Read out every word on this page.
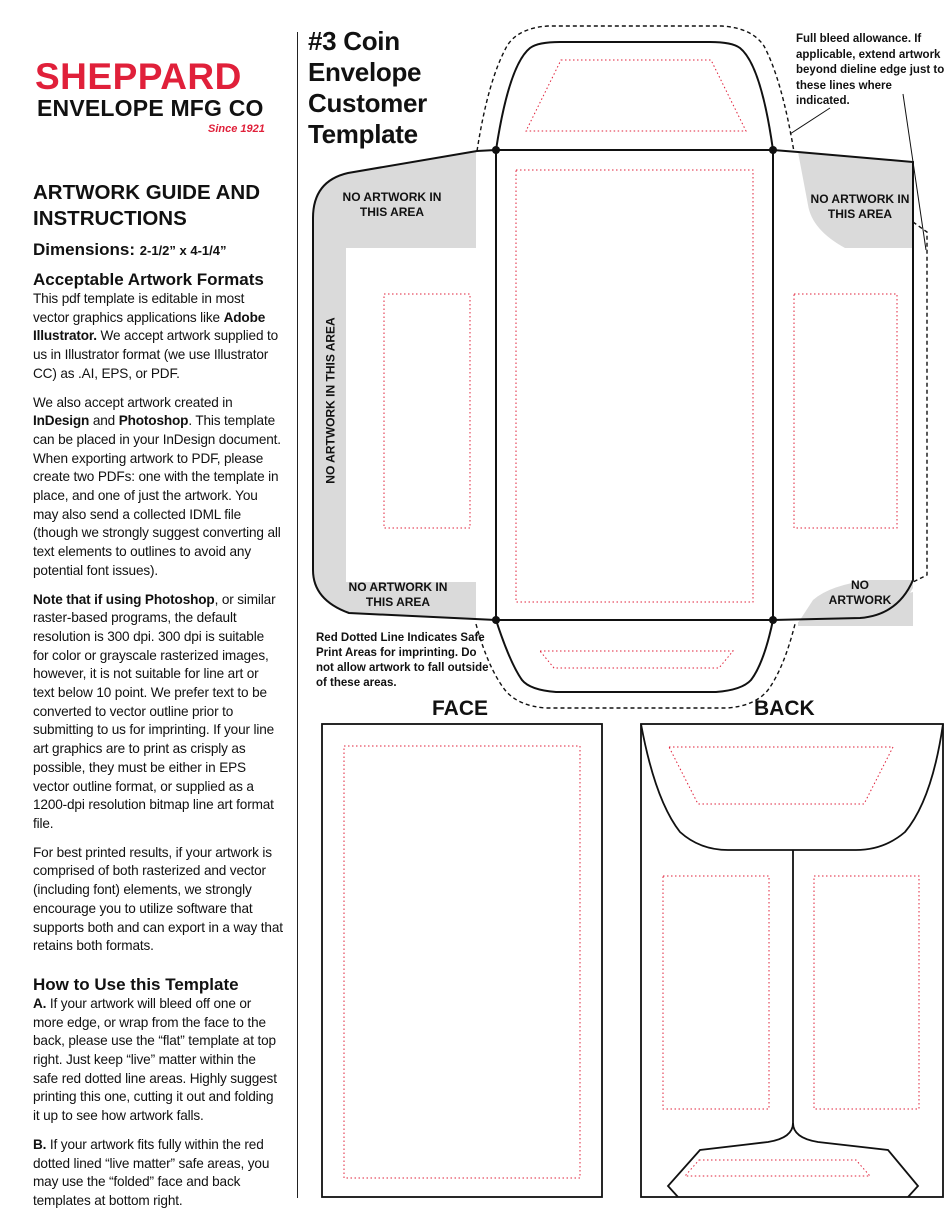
SHEPPARD
ENVELOPE MFG CO
Since 1921
ARTWORK GUIDE AND INSTRUCTIONS
Dimensions: 2-1/2” x 4-1/4”
Acceptable Artwork Formats

This pdf template is editable in most vector graphics applications like Adobe Illustrator. We accept artwork supplied to us in Illustrator format (we use Illustrator CC) as .AI, EPS, or PDF.

We also accept artwork created in InDesign and Photoshop. This template can be placed in your InDesign document. When exporting artwork to PDF, please create two PDFs: one with the template in place, and one of just the artwork. You may also send a collected IDML file (though we strongly suggest converting all text elements to outlines to avoid any potential font issues).

Note that if using Photoshop, or similar raster-based programs, the default resolution is 300 dpi. 300 dpi is suitable for color or grayscale rasterized images, however, it is not suitable for line art or text below 10 point. We prefer text to be converted to vector outline prior to submitting to us for imprinting. If your line art graphics are to print as crisply as possible, they must be either in EPS vector outline format, or supplied as a 1200-dpi resolution bitmap line art format file.

For best printed results, if your artwork is comprised of both rasterized and vector (including font) elements, we strongly encourage you to utilize software that supports both and can export in a way that retains both formats.

How to Use this Template

A. If your artwork will bleed off one or more edge, or wrap from the face to the back, please use the “flat” template at top right. Just keep “live” matter within the safe red dotted line areas. Highly suggest printing this one, cutting it out and folding it up to see how artwork falls.

B. If your artwork fits fully within the red dotted lined “live matter” safe areas, you may use the “folded” face and back templates at bottom right.

#3 Coin
Envelope
Customer
Template
Full bleed allowance. If applicable, extend artwork beyond dieline edge just to these lines where indicated.
Red Dotted Line Indicates Safe Print Areas for imprinting. Do not allow artwork to fall outside of these areas.
NO ARTWORK IN THIS AREA
NO ARTWORK IN THIS AREA
NO ARTWORK IN THIS AREA
NO ARTWORK
NO ARTWORK IN THIS AREA
FACE	BACK
